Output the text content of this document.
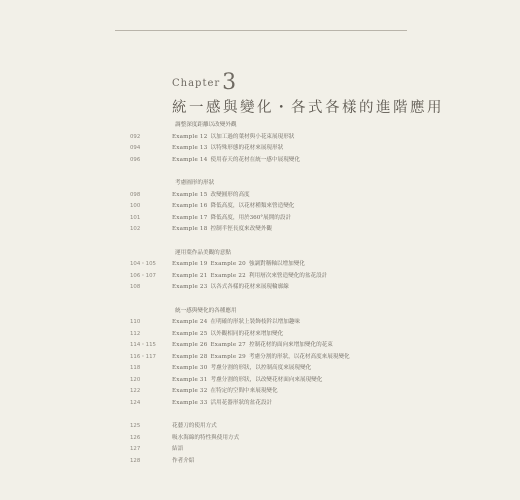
Chapter3
統一感與變化・各式各樣的進階應用
調整深度距離以改變外觀
092	Example 12 以加工過的葉材與小花束展現形狀
094	Example 13 以特殊形態的花材來展現形狀
096	Example 14 使用春天的花材在統一感中展現變化
考慮圓形的形狀
098	Example 15 改變圓形的高度
100	Example 16 降低高度，以花材種類來營造變化
101	Example 17 降低高度，用於360°展開的設計
102	Example 18 控制半徑長度來改變外觀
運用葉作品美觀的意點
104・105	Example 19 Example 20 強調對稱軸以增加變化
106・107	Example 21 Example 22 利用層次來營造變化的盆花設計
108	Example 23 以各式各樣的花材來展現輪廓線
統一感與變化的各種應用
110	Example 24 在明確的形狀上裝飾枝幹以增加趣味
112	Example 25 以外觀相同的花材來增加變化
114・115	Example 26 Example 27 控制花材的面向來增加變化的花束
116・117	Example 28 Example 29 考慮分割的形狀，以花材高度來展現變化
118	Example 30 考慮分割的形狀，以控制高度來展現變化
120	Example 31 考慮分割的形狀，以改變花材面向來展現變化
122	Example 32 在特定的空間中來展現變化
124	Example 33 活用花器形狀的盆花設計
125	花藝刀的使用方式
126	吸水海綿的特性與使用方式
127	結語
128	作者介紹
